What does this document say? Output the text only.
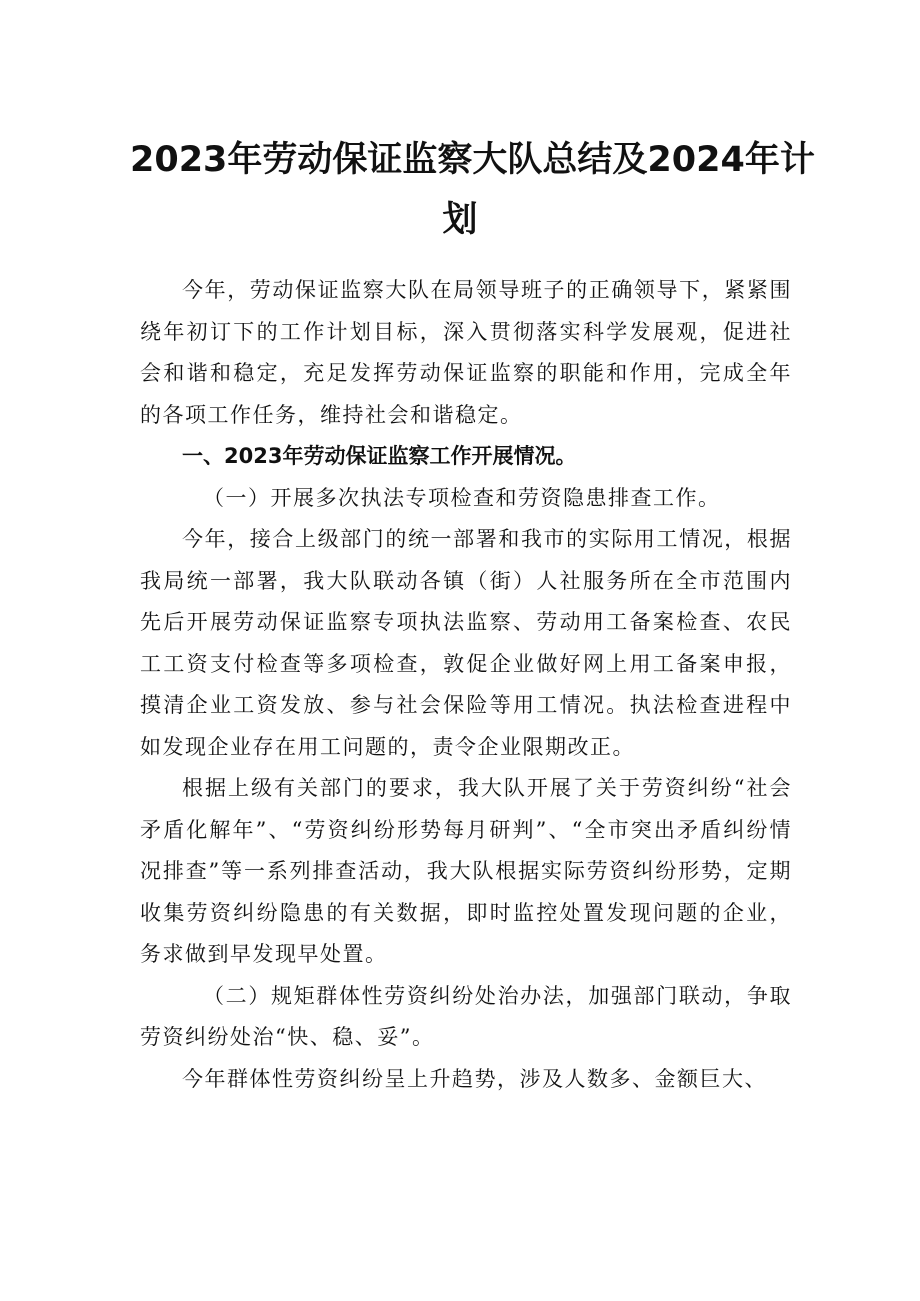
2023年劳动保证监察大队总结及2024年计
划

今年，劳动保证监察大队在局领导班子的正确领导下，紧紧围绕年初订下的工作计划目标，深入贯彻落实科学发展观，促进社会和谐和稳定，充足发挥劳动保证监察的职能和作用，完成全年的各项工作任务，维持社会和谐稳定。

一、2023年劳动保证监察工作开展情况。

（一）开展多次执法专项检查和劳资隐患排查工作。

今年，接合上级部门的统一部署和我市的实际用工情况，根据我局统一部署，我大队联动各镇（街）人社服务所在全市范围内先后开展劳动保证监察专项执法监察、劳动用工备案检查、农民工工资支付检查等多项检查，敦促企业做好网上用工备案申报，摸清企业工资发放、参与社会保险等用工情况。执法检查进程中如发现企业存在用工问题的，责令企业限期改正。

根据上级有关部门的要求，我大队开展了关于劳资纠纷“社会矛盾化解年”、“劳资纠纷形势每月研判”、“全市突出矛盾纠纷情况排查”等一系列排查活动，我大队根据实际劳资纠纷形势，定期收集劳资纠纷隐患的有关数据，即时监控处置发现问题的企业，务求做到早发现早处置。

（二）规矩群体性劳资纠纷处治办法，加强部门联动，争取劳资纠纷处治“快、稳、妥”。

今年群体性劳资纠纷呈上升趋势，涉及人数多、金额巨大、
